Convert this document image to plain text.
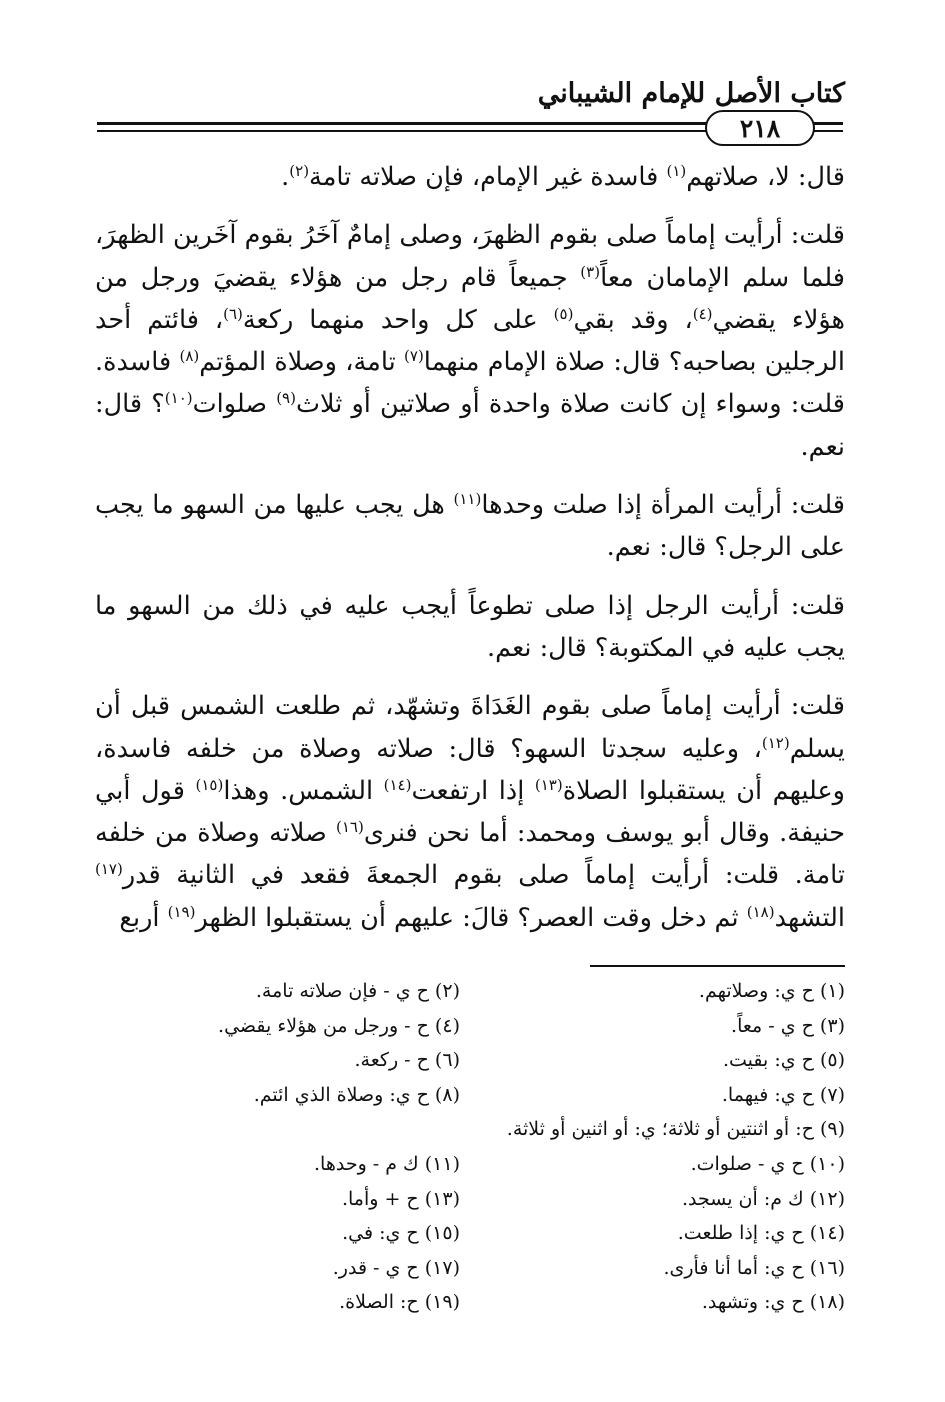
كتاب الأصل للإمام الشيباني
٢١٨

قال: لا، صلاتهم$^{(١)}$ فاسدة غير الإمام، فإن صلاته تامة$^{(٢)}$.

قلت: أرأيت إماماً صلى بقوم الظهرَ، وصلى إمامٌ آخَرُ بقوم آخَرين الظهرَ، فلما سلم الإمامان معاً$^{(٣)}$ جميعاً قام رجل من هؤلاء يقضيَ ورجل من هؤلاء يقضي$^{(٤)}$، وقد بقي$^{(٥)}$ على كل واحد منهما ركعة$^{(٦)}$، فائتم أحد الرجلين بصاحبه؟ قال: صلاة الإمام منهما$^{(٧)}$ تامة، وصلاة المؤتم$^{(٨)}$ فاسدة. قلت: وسواء إن كانت صلاة واحدة أو صلاتين أو ثلاث$^{(٩)}$ صلوات$^{(١٠)}$؟ قال: نعم.

قلت: أرأيت المرأة إذا صلت وحدها$^{(١١)}$ هل يجب عليها من السهو ما يجب على الرجل؟ قال: نعم.

قلت: أرأيت الرجل إذا صلى تطوعاً أيجب عليه في ذلك من السهو ما يجب عليه في المكتوبة؟ قال: نعم.

قلت: أرأيت إماماً صلى بقوم الغَدَاةَ وتشهّد، ثم طلعت الشمس قبل أن يسلم$^{(١٢)}$، وعليه سجدتا السهو؟ قال: صلاته وصلاة من خلفه فاسدة، وعليهم أن يستقبلوا الصلاة$^{(١٣)}$ إذا ارتفعت$^{(١٤)}$ الشمس. وهذا$^{(١٥)}$ قول أبي حنيفة. وقال أبو يوسف ومحمد: أما نحن فنرى$^{(١٦)}$ صلاته وصلاة من خلفه تامة. قلت: أرأيت إماماً صلى بقوم الجمعةَ فقعد في الثانية قدر$^{(١٧)}$ التشهد$^{(١٨)}$ ثم دخل وقت العصر؟ قالَ: عليهم أن يستقبلوا الظهر$^{(١٩)}$ أربع

(١) ح ي: وصلاتهم.
(٢) ح ي - فإن صلاته تامة.
(٣) ح ي - معاً.
(٤) ح - ورجل من هؤلاء يقضي.
(٥) ح ي: بقيت.
(٦) ح - ركعة.
(٧) ح ي: فيهما.
(٨) ح ي: وصلاة الذي ائتم.
(٩) ح: أو اثنتين أو ثلاثة؛ ي: أو اثنين أو ثلاثة.
(١٠) ح ي - صلوات.
(١١) ك م - وحدها.
(١٢) ك م: أن يسجد.
(١٣) ح + وأما.
(١٤) ح ي: إذا طلعت.
(١٥) ح ي: في.
(١٦) ح ي: أما أنا فأرى.
(١٧) ح ي - قدر.
(١٨) ح ي: وتشهد.
(١٩) ح: الصلاة.
